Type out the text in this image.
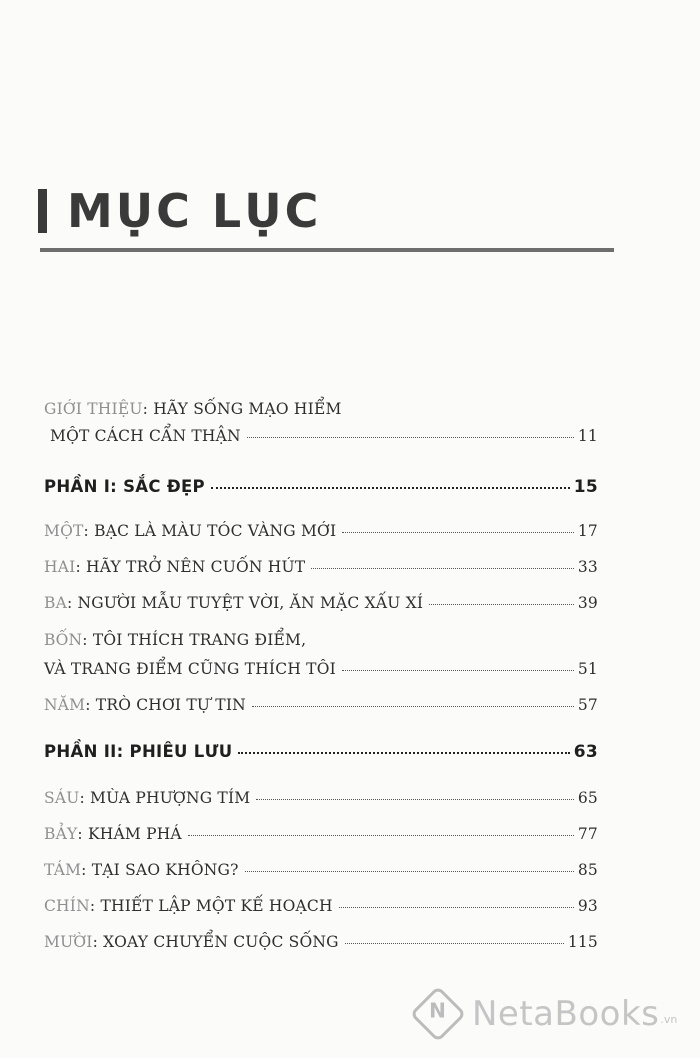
MỤC LỤC
GIỚI THIỆU : HÃY SỐNG MẠO HIỂM
MỘT CÁCH CẨN THẬN	11
PHẦN I: SẮC ĐẸP	15
MỘT : BẠC LÀ MÀU TÓC VÀNG MỚI	17
HAI : HÃY TRỞ NÊN CUỐN HÚT	33
BA : NGƯỜI MẪU TUYỆT VỜI, ĂN MẶC XẤU XÍ	39
BỐN : TÔI THÍCH TRANG ĐIỂM,
VÀ TRANG ĐIỂM CŨNG THÍCH TÔI	51
NĂM : TRÒ CHƠI TỰ TIN	57
PHẦN II: PHIÊU LƯU	63
SÁU : MÙA PHƯỢNG TÍM	65
BẢY : KHÁM PHÁ	77
TÁM : TẠI SAO KHÔNG?	85
CHÍN : THIẾT LẬP MỘT KẾ HOẠCH	93
MƯỜI : XOAY CHUYỂN CUỘC SỐNG	115
N NetaBooks .vn
